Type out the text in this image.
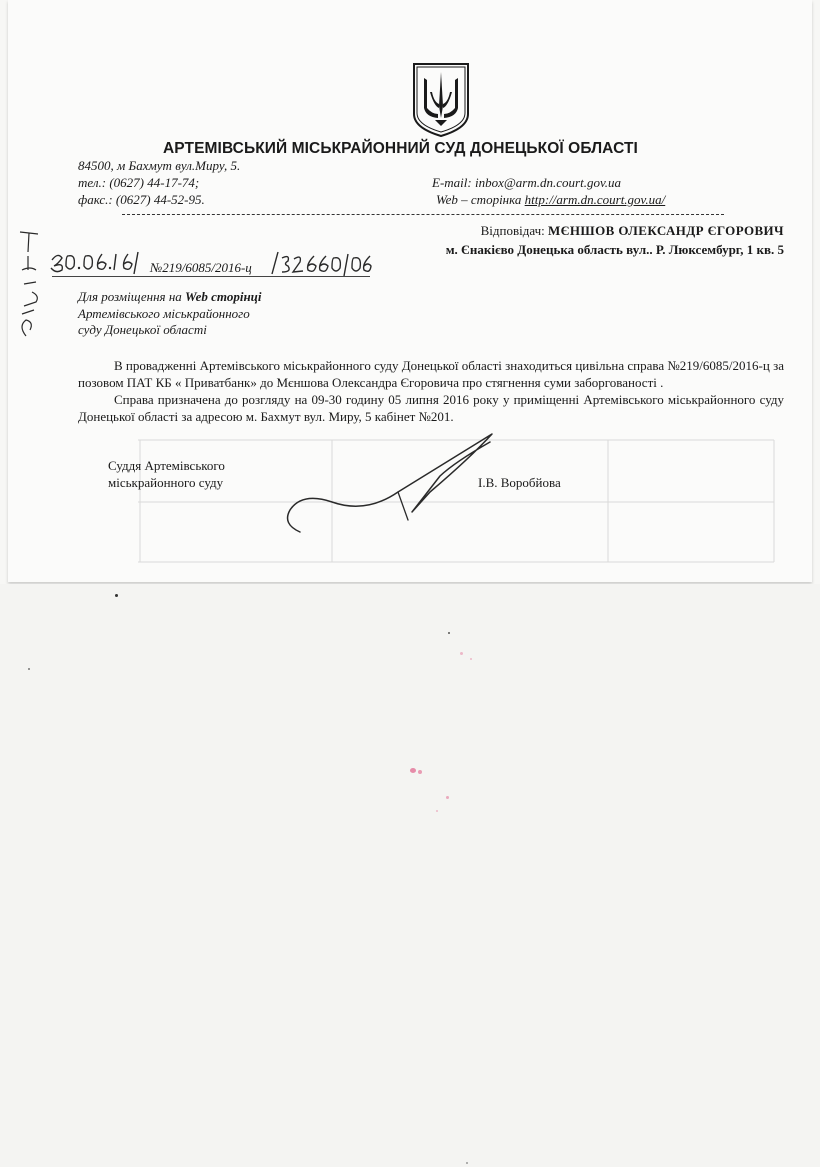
АРТЕМІВСЬКИЙ МІСЬКРАЙОННИЙ СУД ДОНЕЦЬКОЇ ОБЛАСТІ
84500, м Бахмут вул.Миру, 5.
тел.: (0627) 44-17-74;
факс.: (0627) 44-52-95.
E-mail: inbox@arm.dn.court.gov.ua
Web – сторінка http://arm.dn.court.gov.ua/
Відповідач: МЄНШОВ ОЛЕКСАНДР ЄГОРОВИЧ
м. Єнакієво Донецька область вул.. Р. Люксембург, 1 кв. 5
№219/6085/2016-ц
Для розміщення на Web сторінці
Артемівського міськрайонного
суду Донецької області

В провадженні Артемівського міськрайонного суду Донецької області знаходиться цивільна справа №219/6085/2016-ц за позовом ПАТ КБ « Приватбанк» до Мєншова Олександра Єгоровича про стягнення суми заборгованості .

Справа призначена до розгляду на 09-30 годину 05 липня 2016 року у приміщенні Артемівського міськрайонного суду Донецької області за адресою м. Бахмут вул. Миру, 5 кабінет №201.

Суддя Артемівського
міськрайонного суду	І.В. Воробйова
